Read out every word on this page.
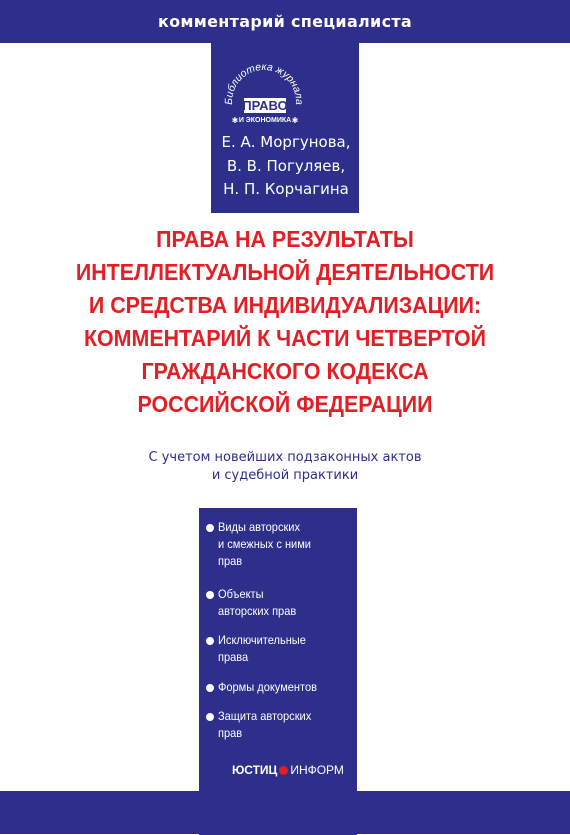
комментарий специалиста
Библиотека журнала
ПРАВО
И ЭКОНОМИКА
✱	✱
Е. А. Моргунова,
В. В. Погуляев,
Н. П. Корчагина
ПРАВА НА РЕЗУЛЬТАТЫ
ИНТЕЛЛЕКТУАЛЬНОЙ ДЕЯТЕЛЬНОСТИ
И СРЕДСТВА ИНДИВИДУАЛИЗАЦИИ:
КОММЕНТАРИЙ К ЧАСТИ ЧЕТВЕРТОЙ
ГРАЖДАНСКОГО КОДЕКСА
РОССИЙСКОЙ ФЕДЕРАЦИИ
С учетом новейших подзаконных актов
и судебной практики
Виды авторских
и смежных с ними
прав
Объекты
авторских прав
Исключительные
права
Формы документов
Защита авторских
прав
ЮСТИЦ ИНФОРМ
